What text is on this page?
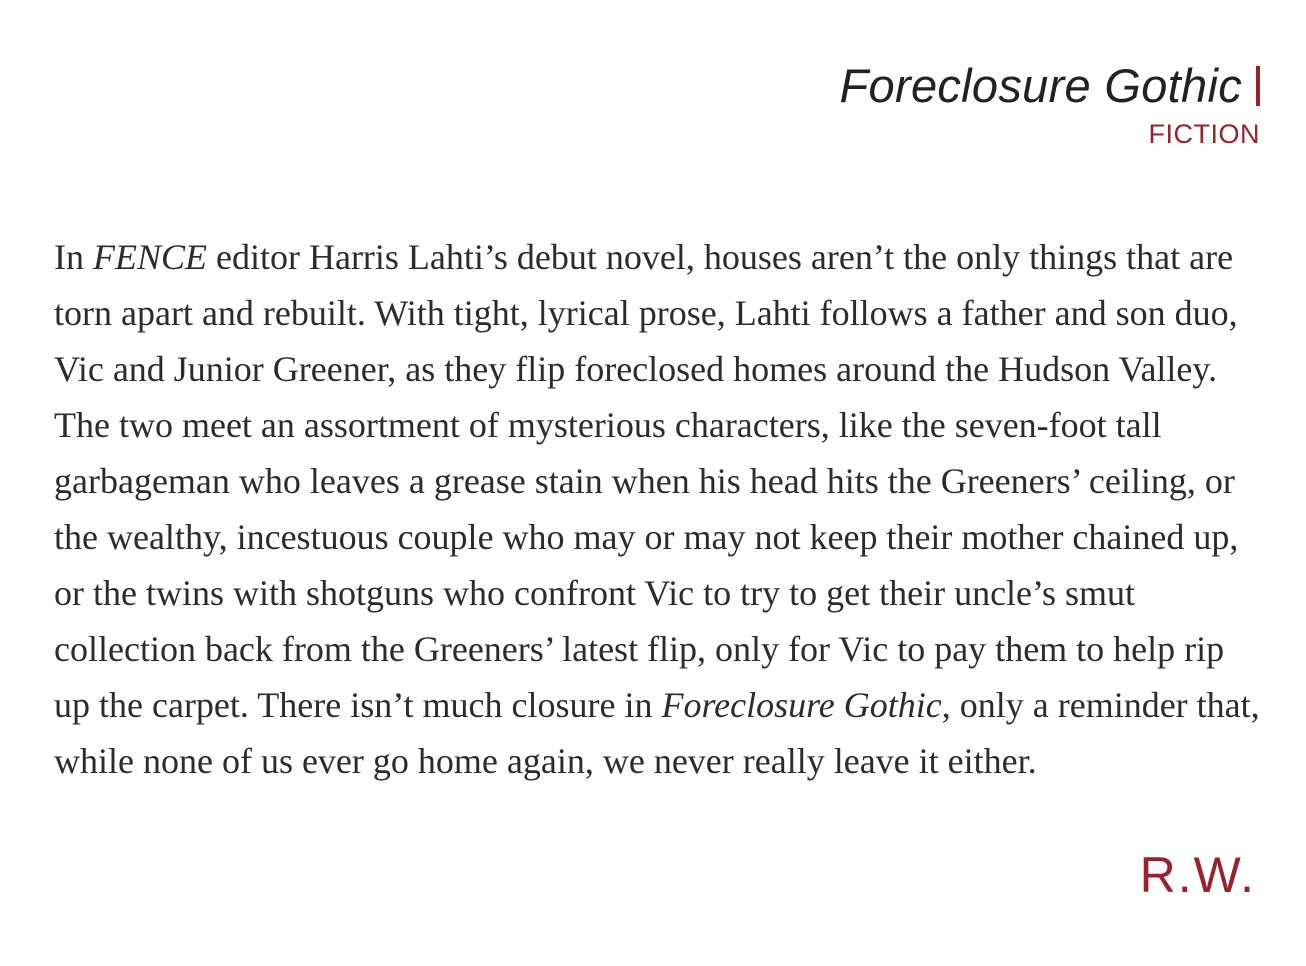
Foreclosure Gothic
FICTION

In FENCE editor Harris Lahti’s debut novel, houses aren’t the only things that are torn apart and rebuilt. With tight, lyrical prose, Lahti follows a father and son duo, Vic and Junior Greener, as they flip foreclosed homes around the Hudson Valley. The two meet an assortment of mysterious characters, like the seven-foot tall garbageman who leaves a grease stain when his head hits the Greeners’ ceiling, or the wealthy, incestuous couple who may or may not keep their mother chained up, or the twins with shotguns who confront Vic to try to get their uncle’s smut collection back from the Greeners’ latest flip, only for Vic to pay them to help rip up the carpet. There isn’t much closure in Foreclosure Gothic, only a reminder that, while none of us ever go home again, we never really leave it either.

R.W.
